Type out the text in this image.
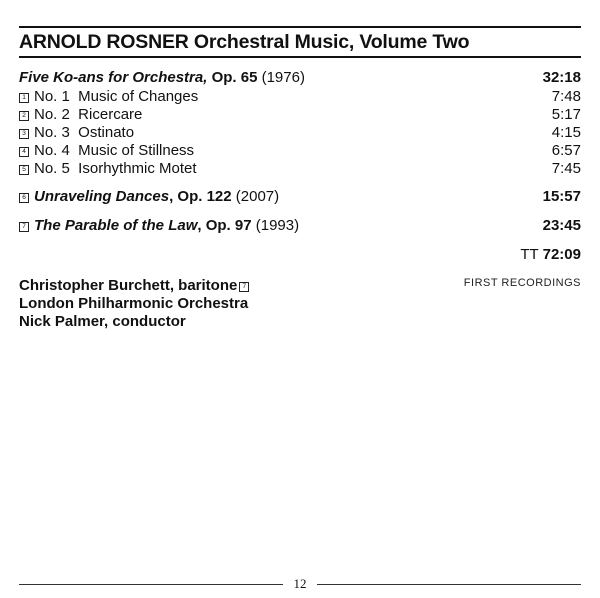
ARNOLD ROSNER Orchestral Music, Volume Two
Five Ko-ans for Orchestra, Op. 65 (1976)	32:18
1 No. 1  Music of Changes	7:48
2 No. 2  Ricercare	5:17
3 No. 3  Ostinato	4:15
4 No. 4  Music of Stillness	6:57
5 No. 5  Isorhythmic Motet	7:45
6 Unraveling Dances, Op. 122 (2007)	15:57
7 The Parable of the Law, Op. 97 (1993)	23:45
TT 72:09
FIRST RECORDINGS
Christopher Burchett, baritone 7
London Philharmonic Orchestra
Nick Palmer, conductor
12
